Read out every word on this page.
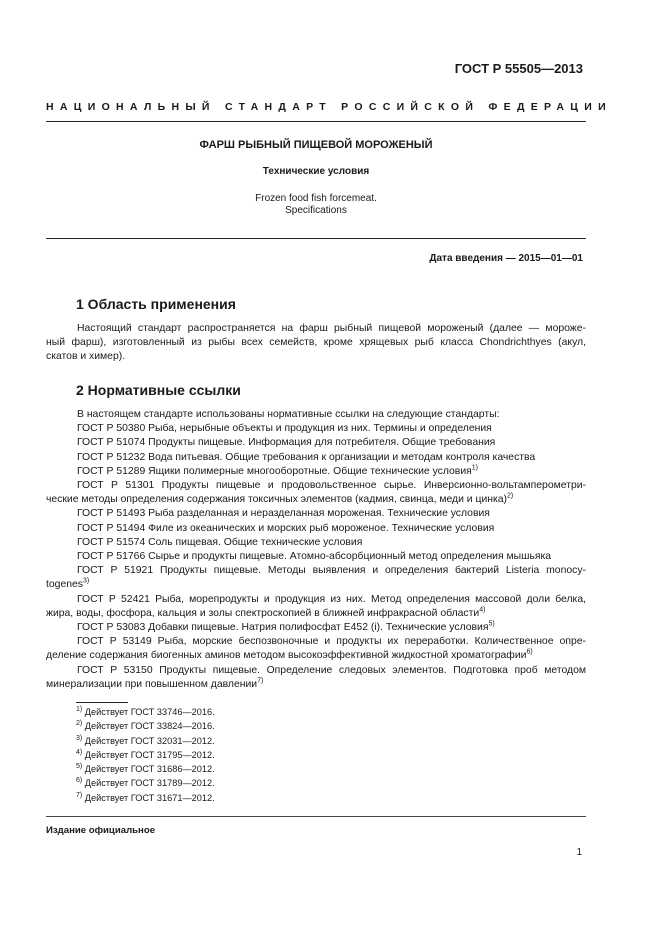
ГОСТ Р 55505—2013
НАЦИОНАЛЬНЫЙ СТАНДАРТ РОССИЙСКОЙ ФЕДЕРАЦИИ
ФАРШ РЫБНЫЙ ПИЩЕВОЙ МОРОЖЕНЫЙ
Технические условия
Frozen food fish forcemeat.
Specifications
Дата введения — 2015—01—01
1 Область применения
Настоящий стандарт распространяется на фарш рыбный пищевой мороженый (далее — мороже-
ный фарш), изготовленный из рыбы всех семейств, кроме хрящевых рыб класса Chondrichthyes (акул,
скатов и химер).
2 Нормативные ссылки
В настоящем стандарте использованы нормативные ссылки на следующие стандарты:
ГОСТ Р 50380 Рыба, нерыбные объекты и продукция из них. Термины и определения
ГОСТ Р 51074 Продукты пищевые. Информация для потребителя. Общие требования
ГОСТ Р 51232 Вода питьевая. Общие требования к организации и методам контроля качества
ГОСТ Р 51289 Ящики полимерные многооборотные. Общие технические условия$^{1)}$
ГОСТ Р 51301 Продукты пищевые и продовольственное сырье. Инверсионно-вольтамперометри-
ческие методы определения содержания токсичных элементов (кадмия, свинца, меди и цинка)$^{2)}$
ГОСТ Р 51493 Рыба разделанная и неразделанная мороженая. Технические условия
ГОСТ Р 51494 Филе из океанических и морских рыб мороженое. Технические условия
ГОСТ Р 51574 Соль пищевая. Общие технические условия
ГОСТ Р 51766 Сырье и продукты пищевые. Атомно-абсорбционный метод определения мышьяка
ГОСТ Р 51921 Продукты пищевые. Методы выявления и определения бактерий Listeria monocy-
togenes$^{3)}$
ГОСТ Р 52421 Рыба, морепродукты и продукция из них. Метод определения массовой доли белка,
жира, воды, фосфора, кальция и золы спектроскопией в ближней инфракрасной области$^{4)}$
ГОСТ Р 53083 Добавки пищевые. Натрия полифосфат Е452 (i). Технические условия$^{5)}$
ГОСТ Р 53149 Рыба, морские беспозвоночные и продукты их переработки. Количественное опре-
деление содержания биогенных аминов методом высокоэффективной жидкостной хроматографии$^{6)}$
ГОСТ Р 53150 Продукты пищевые. Определение следовых элементов. Подготовка проб методом
минерализации при повышенном давлении$^{7)}$
$^{1)}$ Действует ГОСТ 33746—2016.
$^{2)}$ Действует ГОСТ 33824—2016.
$^{3)}$ Действует ГОСТ 32031—2012.
$^{4)}$ Действует ГОСТ 31795—2012.
$^{5)}$ Действует ГОСТ 31686—2012.
$^{6)}$ Действует ГОСТ 31789—2012.
$^{7)}$ Действует ГОСТ 31671—2012.
Издание официальное
1
